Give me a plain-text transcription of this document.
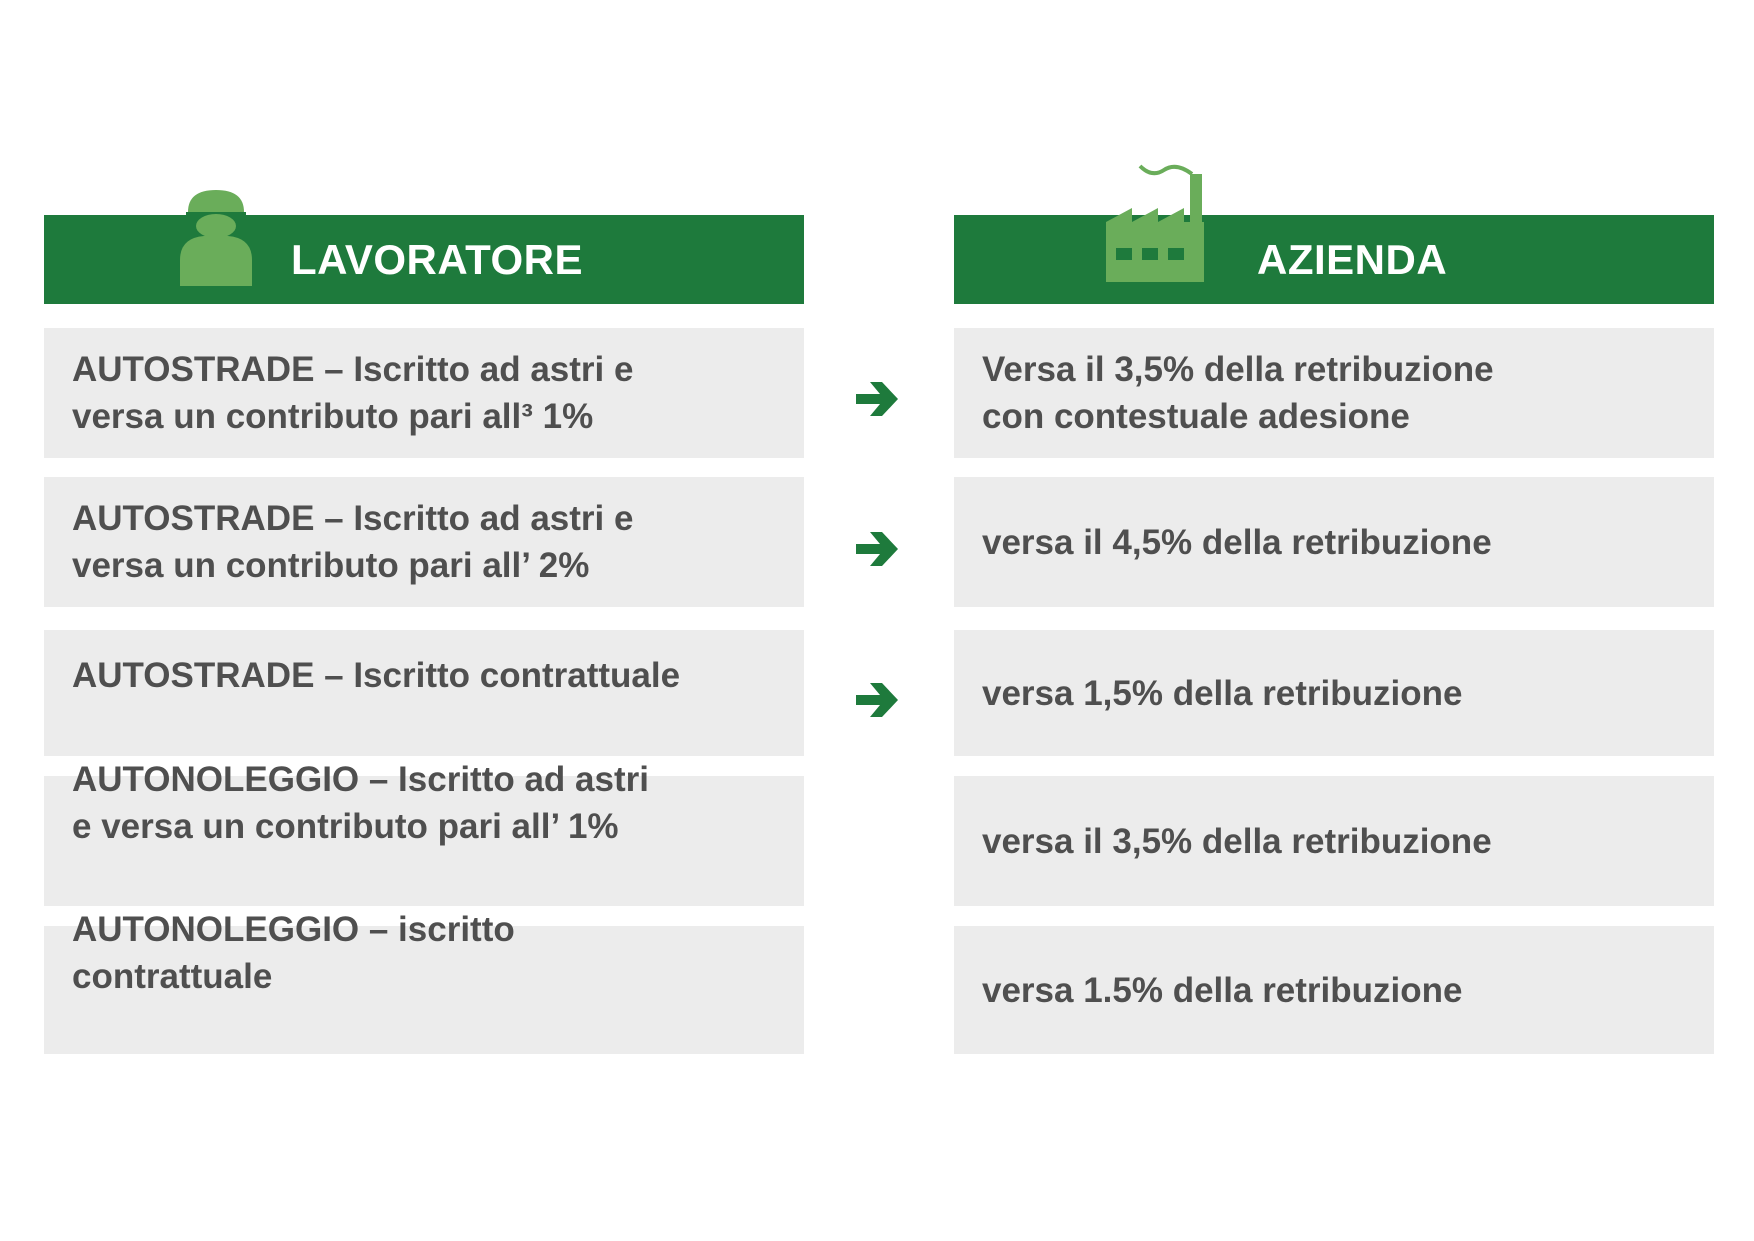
LAVORATORE	AZIENDA
AUTOSTRADE – Iscritto ad astri e
versa un contributo pari all³ 1%
AUTOSTRADE – Iscritto ad astri e
versa un contributo pari all’ 2%
AUTOSTRADE – Iscritto contrattuale
AUTONOLEGGIO – Iscritto ad astri
e versa un contributo pari all’ 1%
AUTONOLEGGIO – iscritto
contrattuale
Versa il 3,5% della retribuzione
con contestuale adesione
versa il 4,5% della retribuzione
versa 1,5% della retribuzione
versa il 3,5% della retribuzione
versa 1.5% della retribuzione
